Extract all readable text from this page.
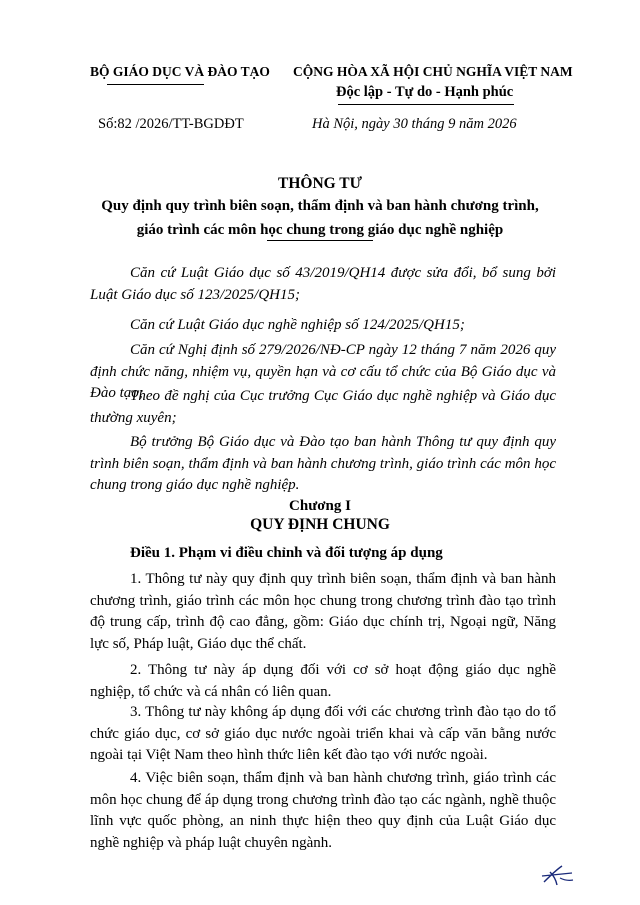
BỘ GIÁO DỤC VÀ ĐÀO TẠO CỘNG HÒA XÃ HỘI CHỦ NGHĨA VIỆT NAM
Độc lập - Tự do - Hạnh phúc
Số:82 /2026/TT-BGDĐT	Hà Nội, ngày 30 tháng 9 năm 2026
THÔNG TƯ
Quy định quy trình biên soạn, thẩm định và ban hành chương trình, giáo trình các môn học chung trong giáo dục nghề nghiệp
Căn cứ Luật Giáo dục số 43/2019/QH14 được sửa đổi, bổ sung bởi Luật Giáo dục số 123/2025/QH15;
Căn cứ Luật Giáo dục nghề nghiệp số 124/2025/QH15;
Căn cứ Nghị định số 279/2026/NĐ-CP ngày 12 tháng 7 năm 2026 quy định chức năng, nhiệm vụ, quyền hạn và cơ cấu tổ chức của Bộ Giáo dục và Đào tạo;
Theo đề nghị của Cục trưởng Cục Giáo dục nghề nghiệp và Giáo dục thường xuyên;
Bộ trưởng Bộ Giáo dục và Đào tạo ban hành Thông tư quy định quy trình biên soạn, thẩm định và ban hành chương trình, giáo trình các môn học chung trong giáo dục nghề nghiệp.
Chương I
QUY ĐỊNH CHUNG
Điều 1. Phạm vi điều chỉnh và đối tượng áp dụng
1. Thông tư này quy định quy trình biên soạn, thẩm định và ban hành chương trình, giáo trình các môn học chung trong chương trình đào tạo trình độ trung cấp, trình độ cao đẳng, gồm: Giáo dục chính trị, Ngoại ngữ, Năng lực số, Pháp luật, Giáo dục thể chất.
2. Thông tư này áp dụng đối với cơ sở hoạt động giáo dục nghề nghiệp, tổ chức và cá nhân có liên quan.
3. Thông tư này không áp dụng đối với các chương trình đào tạo do tổ chức giáo dục, cơ sở giáo dục nước ngoài triển khai và cấp văn bằng nước ngoài tại Việt Nam theo hình thức liên kết đào tạo với nước ngoài.
4. Việc biên soạn, thẩm định và ban hành chương trình, giáo trình các môn học chung để áp dụng trong chương trình đào tạo các ngành, nghề thuộc lĩnh vực quốc phòng, an ninh thực hiện theo quy định của Luật Giáo dục nghề nghiệp và pháp luật chuyên ngành.
